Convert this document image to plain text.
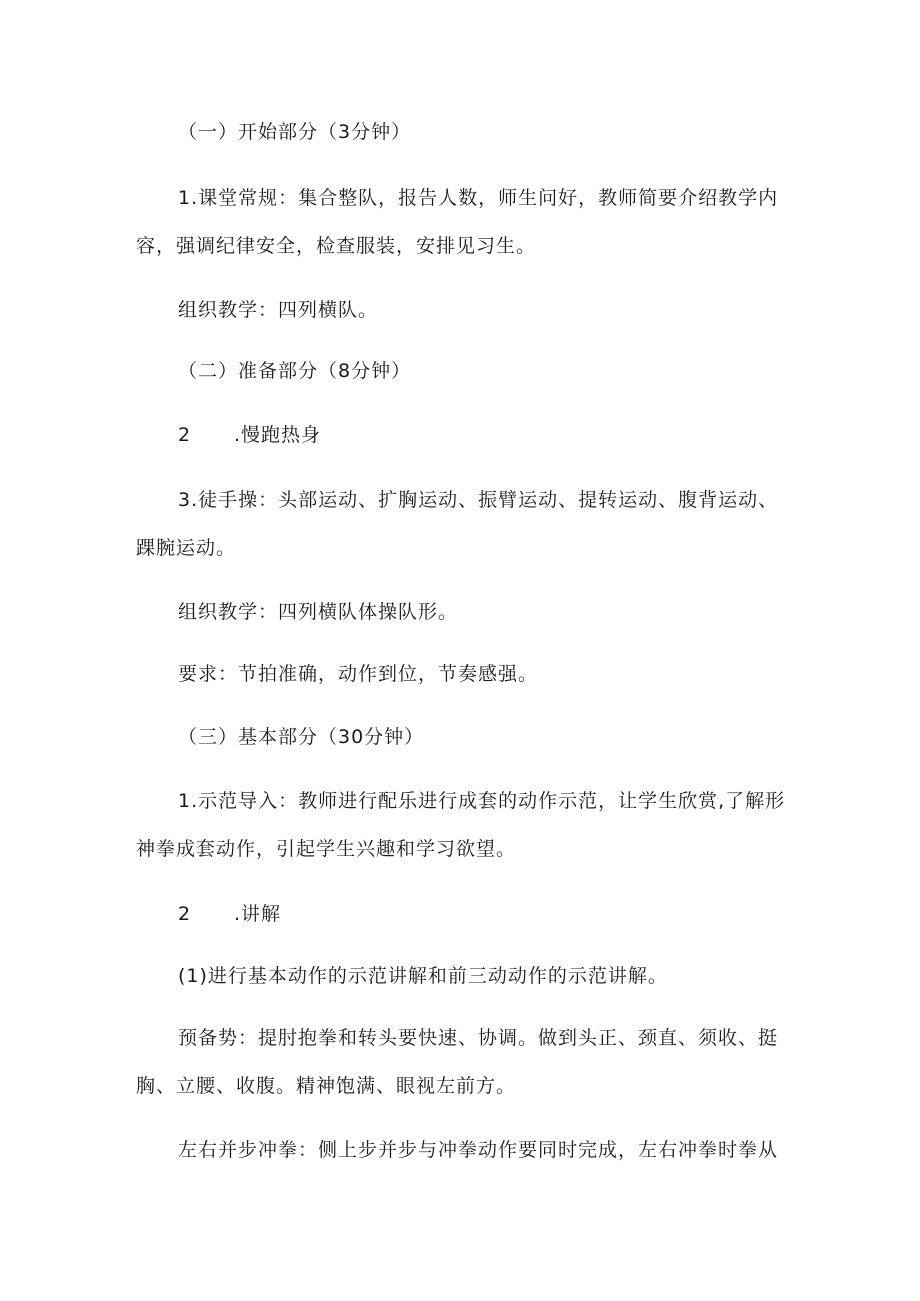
（一）开始部分（3分钟）

1.课堂常规：集合整队，报告人数，师生问好，教师简要介绍教学内容，强调纪律安全，检查服装，安排见习生。

组织教学：四列横队。

（二）准备部分（8分钟）

2 .慢跑热身

3.徒手操：头部运动、扩胸运动、振臂运动、提转运动、腹背运动、踝腕运动。

组织教学：四列横队体操队形。

要求：节拍准确，动作到位，节奏感强。

（三）基本部分（30分钟）

1.示范导入：教师进行配乐进行成套的动作示范，让学生欣赏,了解形神拳成套动作，引起学生兴趣和学习欲望。

2 .讲解

(1)进行基本动作的示范讲解和前三动动作的示范讲解。

预备势：提肘抱拳和转头要快速、协调。做到头正、颈直、须收、挺胸、立腰、收腹。精神饱满、眼视左前方。

左右并步冲拳：侧上步并步与冲拳动作要同时完成，左右冲拳时拳从
